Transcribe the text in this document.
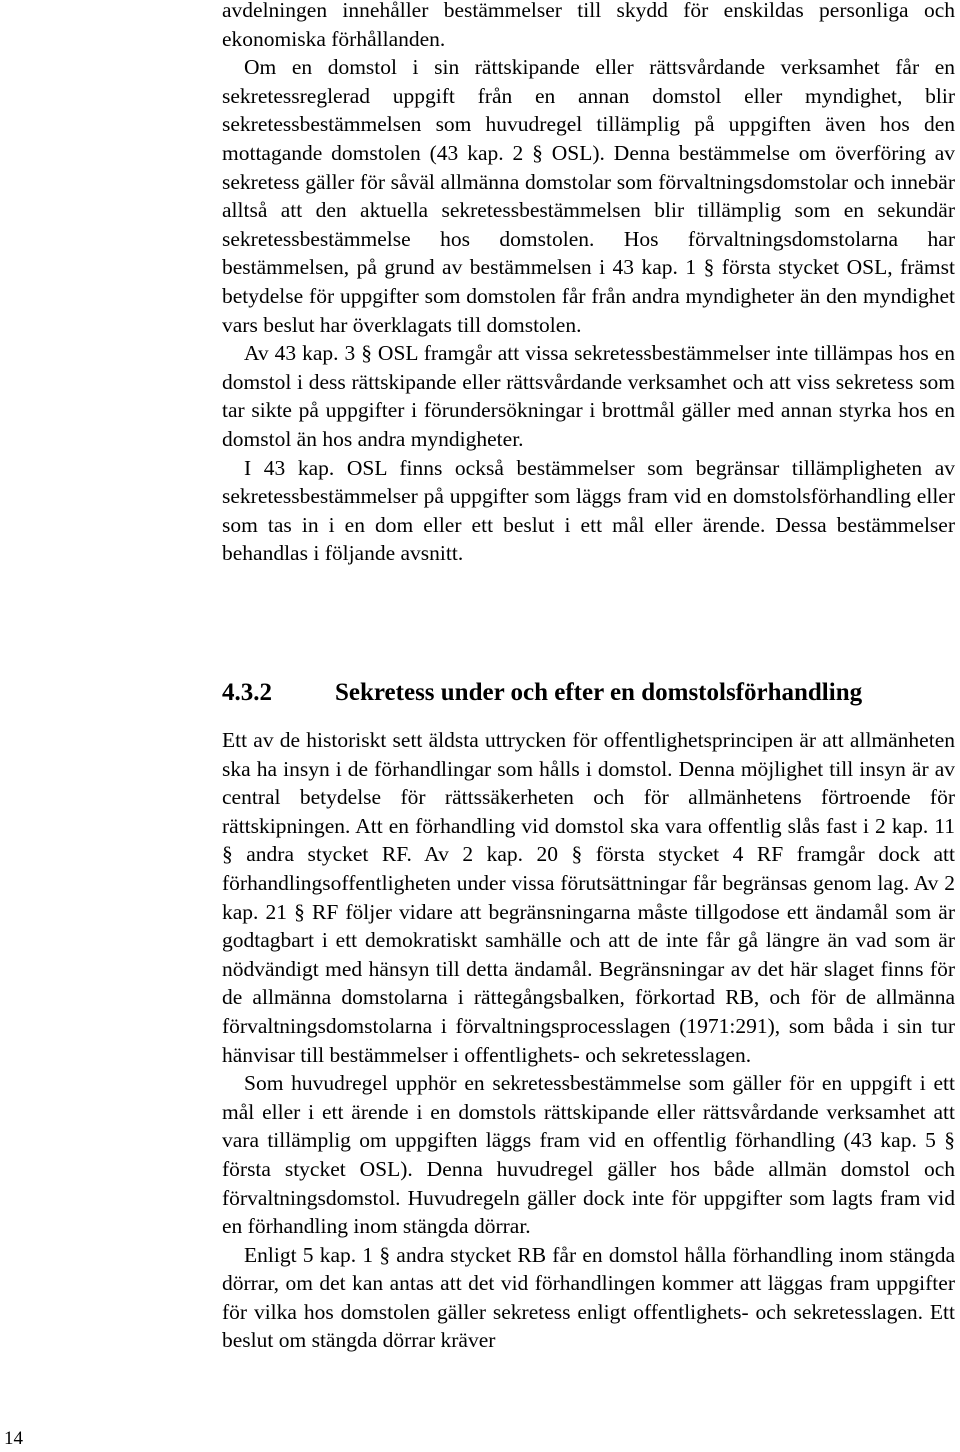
avdelningen innehåller bestämmelser till skydd för enskildas personliga och ekonomiska förhållanden.

Om en domstol i sin rättskipande eller rättsvårdande verksamhet får en sekretessreglerad uppgift från en annan domstol eller myndighet, blir sekretessbestämmelsen som huvudregel tillämplig på uppgiften även hos den mottagande domstolen (43 kap. 2 § OSL). Denna bestämmelse om överföring av sekretess gäller för såväl allmänna domstolar som förvaltningsdomstolar och innebär alltså att den aktuella sekretessbestämmelsen blir tillämplig som en sekundär sekretessbestämmelse hos domstolen. Hos förvaltningsdomstolarna har bestämmelsen, på grund av bestämmelsen i 43 kap. 1 § första stycket OSL, främst betydelse för uppgifter som domstolen får från andra myndigheter än den myndighet vars beslut har överklagats till domstolen.

Av 43 kap. 3 § OSL framgår att vissa sekretessbestämmelser inte tillämpas hos en domstol i dess rättskipande eller rättsvårdande verksamhet och att viss sekretess som tar sikte på uppgifter i förundersökningar i brottmål gäller med annan styrka hos en domstol än hos andra myndigheter.

I 43 kap. OSL finns också bestämmelser som begränsar tillämpligheten av sekretessbestämmelser på uppgifter som läggs fram vid en domstolsförhandling eller som tas in i en dom eller ett beslut i ett mål eller ärende. Dessa bestämmelser behandlas i följande avsnitt.

4.3.2	Sekretess under och efter en domstolsförhandling

Ett av de historiskt sett äldsta uttrycken för offentlighetsprincipen är att allmänheten ska ha insyn i de förhandlingar som hålls i domstol. Denna möjlighet till insyn är av central betydelse för rättssäkerheten och för allmänhetens förtroende för rättskipningen. Att en förhandling vid domstol ska vara offentlig slås fast i 2 kap. 11 § andra stycket RF. Av 2 kap. 20 § första stycket 4 RF framgår dock att förhandlingsoffentligheten under vissa förutsättningar får begränsas genom lag. Av 2 kap. 21 § RF följer vidare att begränsningarna måste tillgodose ett ändamål som är godtagbart i ett demokratiskt samhälle och att de inte får gå längre än vad som är nödvändigt med hänsyn till detta ändamål. Begränsningar av det här slaget finns för de allmänna domstolarna i rättegångsbalken, förkortad RB, och för de allmänna förvaltningsdomstolarna i förvaltningsprocesslagen (1971:291), som båda i sin tur hänvisar till bestämmelser i offentlighets- och sekretesslagen.

Som huvudregel upphör en sekretessbestämmelse som gäller för en uppgift i ett mål eller i ett ärende i en domstols rättskipande eller rättsvårdande verksamhet att vara tillämplig om uppgiften läggs fram vid en offentlig förhandling (43 kap. 5 § första stycket OSL). Denna huvudregel gäller hos både allmän domstol och förvaltningsdomstol. Huvudregeln gäller dock inte för uppgifter som lagts fram vid en förhandling inom stängda dörrar.

Enligt 5 kap. 1 § andra stycket RB får en domstol hålla förhandling inom stängda dörrar, om det kan antas att det vid förhandlingen kommer att läggas fram uppgifter för vilka hos domstolen gäller sekretess enligt offentlighets- och sekretesslagen. Ett beslut om stängda dörrar kräver

14
